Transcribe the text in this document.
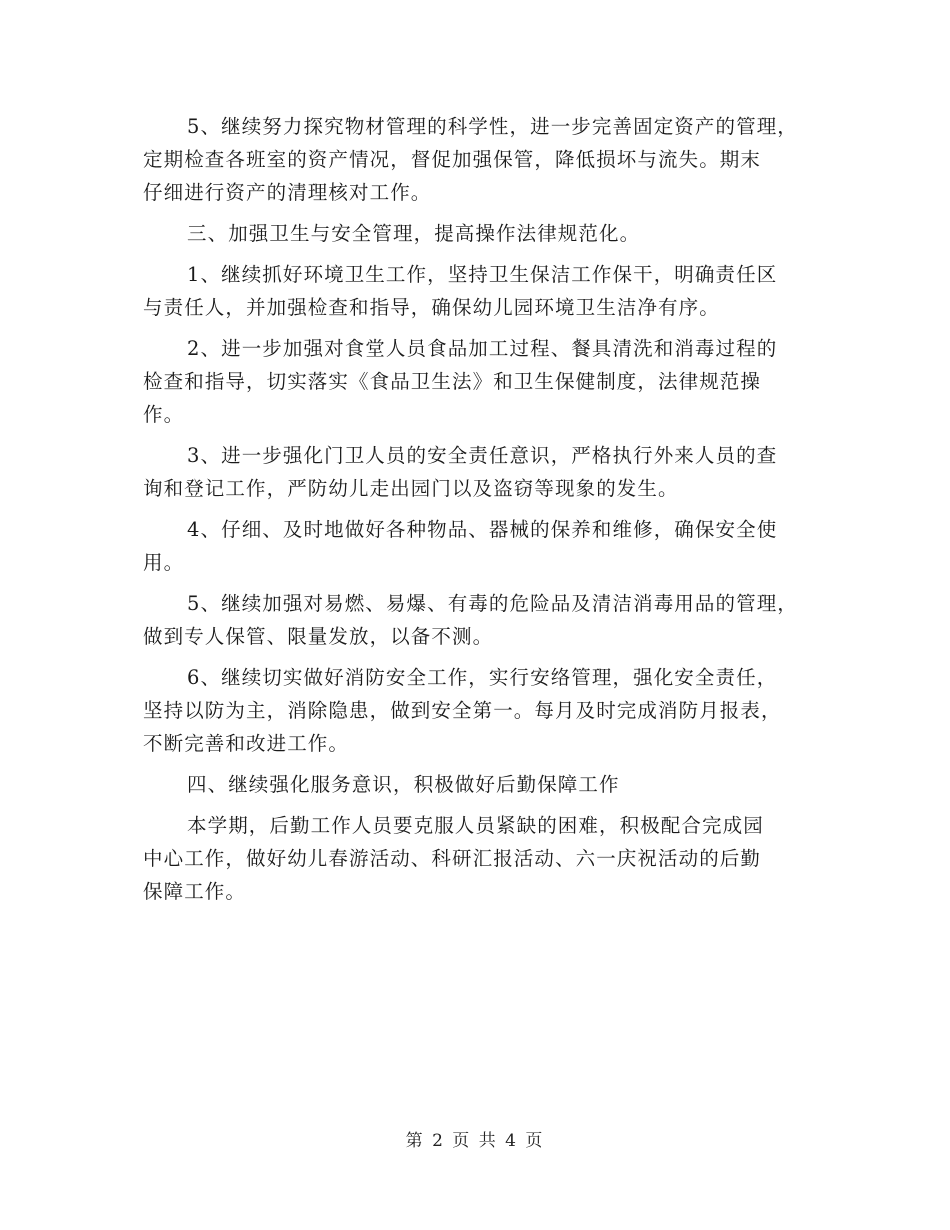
5、继续努力探究物材管理的科学性，进一步完善固定资产的管理，
定期检查各班室的资产情况，督促加强保管，降低损坏与流失。期末
仔细进行资产的清理核对工作。

三、加强卫生与安全管理，提高操作法律规范化。

1、继续抓好环境卫生工作，坚持卫生保洁工作保干，明确责任区
与责任人，并加强检查和指导，确保幼儿园环境卫生洁净有序。

2、进一步加强对食堂人员食品加工过程、餐具清洗和消毒过程的
检查和指导，切实落实《食品卫生法》和卫生保健制度，法律规范操
作。

3、进一步强化门卫人员的安全责任意识，严格执行外来人员的查
询和登记工作，严防幼儿走出园门以及盗窃等现象的发生。

4、仔细、及时地做好各种物品、器械的保养和维修，确保安全使
用。

5、继续加强对易燃、易爆、有毒的危险品及清洁消毒用品的管理，
做到专人保管、限量发放，以备不测。

6、继续切实做好消防安全工作，实行安络管理，强化安全责任，
坚持以防为主，消除隐患，做到安全第一。每月及时完成消防月报表，
不断完善和改进工作。

四、继续强化服务意识，积极做好后勤保障工作

本学期，后勤工作人员要克服人员紧缺的困难，积极配合完成园
中心工作，做好幼儿春游活动、科研汇报活动、六一庆祝活动的后勤
保障工作。

第 2 页 共 4 页
